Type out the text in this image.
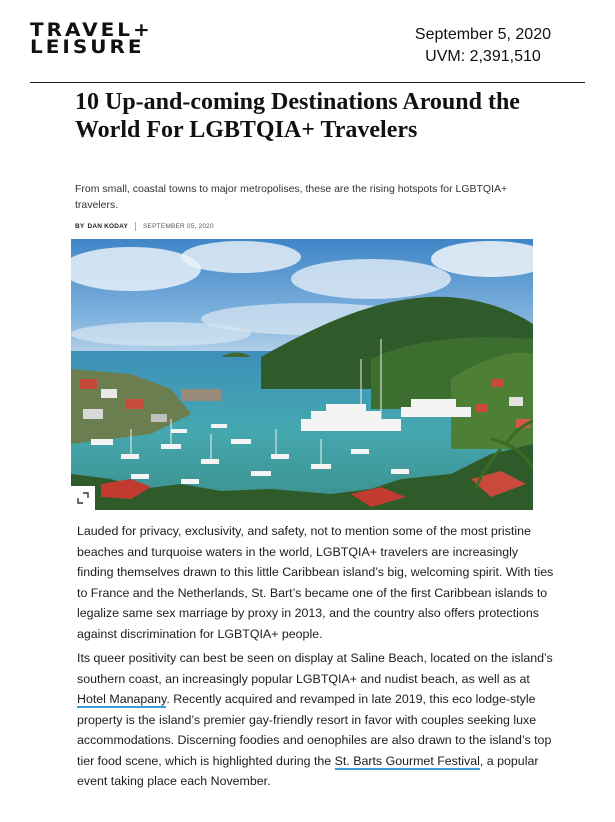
TRAVEL+
LEISURE
September 5, 2020
UVM: 2,391,510
10 Up-and-coming Destinations Around the World For LGBTQIA+ Travelers

From small, coastal towns to major metropolises, these are the rising hotspots for LGBTQIA+ travelers.

BY DAN KODAY SEPTEMBER 05, 2020

Lauded for privacy, exclusivity, and safety, not to mention some of the most pristine beaches and turquoise waters in the world, LGBTQIA+ travelers are increasingly finding themselves drawn to this little Caribbean island’s big, welcoming spirit. With ties to France and the Netherlands, St. Bart’s became one of the first Caribbean islands to legalize same sex marriage by proxy in 2013, and the country also offers protections against discrimination for LGBTQIA+ people.

Its queer positivity can best be seen on display at Saline Beach, located on the island’s southern coast, an increasingly popular LGBTQIA+ and nudist beach, as well as at Hotel Manapany. Recently acquired and revamped in late 2019, this eco lodge-style property is the island’s premier gay-friendly resort in favor with couples seeking luxe accommodations. Discerning foodies and oenophiles are also drawn to the island’s top tier food scene, which is highlighted during the St. Barts Gourmet Festival, a popular event taking place each November.
